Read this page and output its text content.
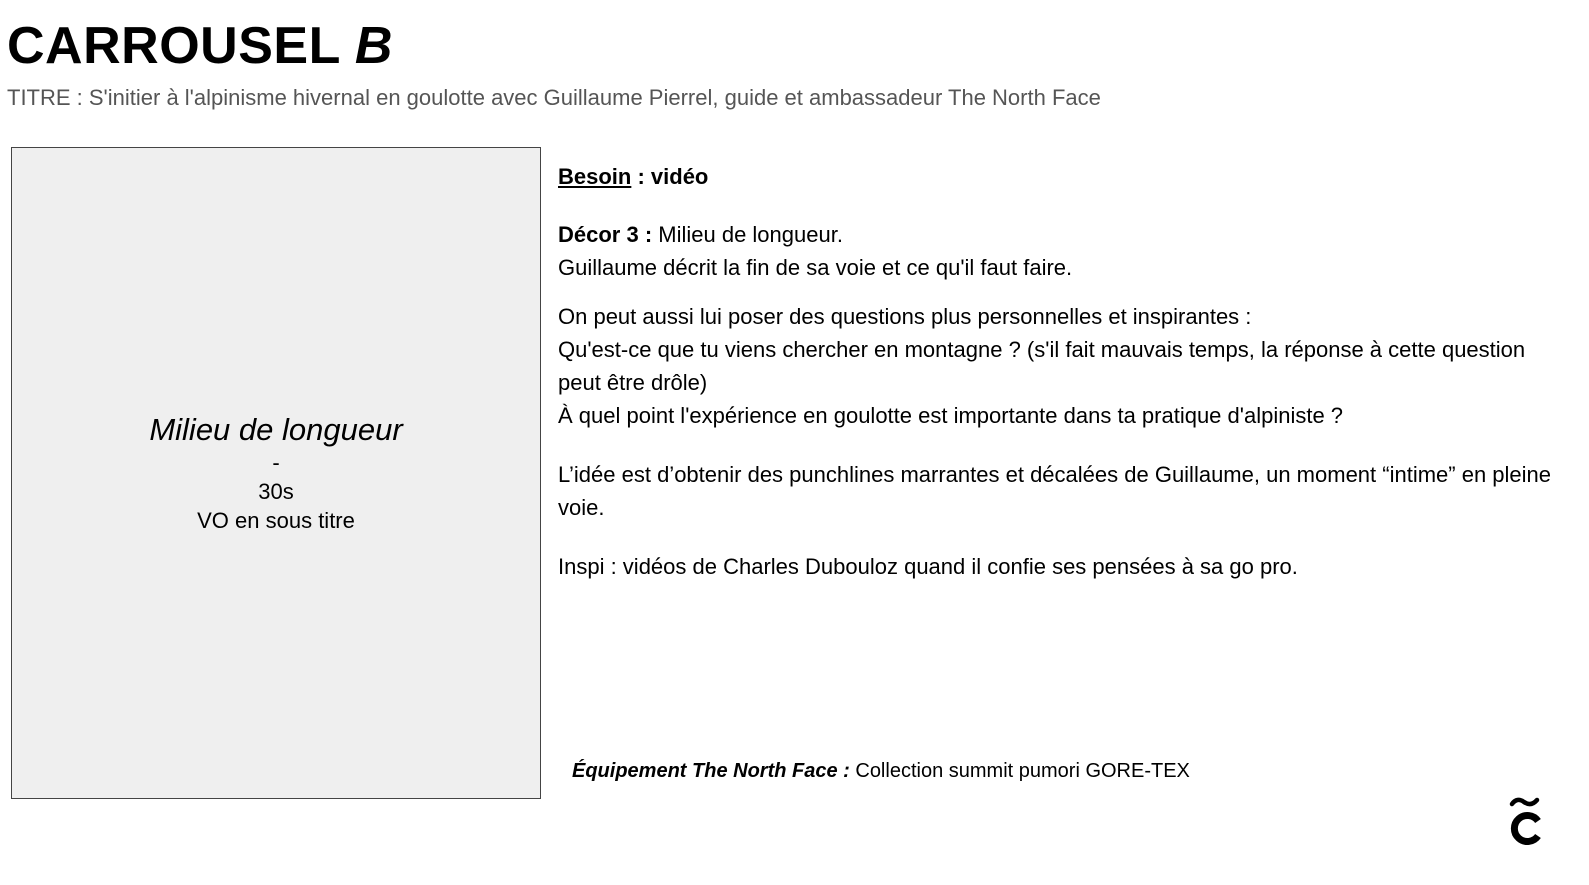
CARROUSEL B
TITRE : S'initier à l'alpinisme hivernal en goulotte avec Guillaume Pierrel, guide et ambassadeur The North Face
Milieu de longueur
-
30s
VO en sous titre

Besoin : vidéo

Décor 3 : Milieu de longueur.

Guillaume décrit la fin de sa voie et ce qu'il faut faire.

On peut aussi lui poser des questions plus personnelles et inspirantes :

Qu'est-ce que tu viens chercher en montagne ? (s'il fait mauvais temps, la réponse à cette question peut être drôle)

À quel point l'expérience en goulotte est importante dans ta pratique d'alpiniste ?

L’idée est d’obtenir des punchlines marrantes et décalées de Guillaume, un moment “intime” en pleine voie.

Inspi : vidéos de Charles Dubouloz quand il confie ses pensées à sa go pro.

Équipement The North Face : Collection summit pumori GORE-TEX
